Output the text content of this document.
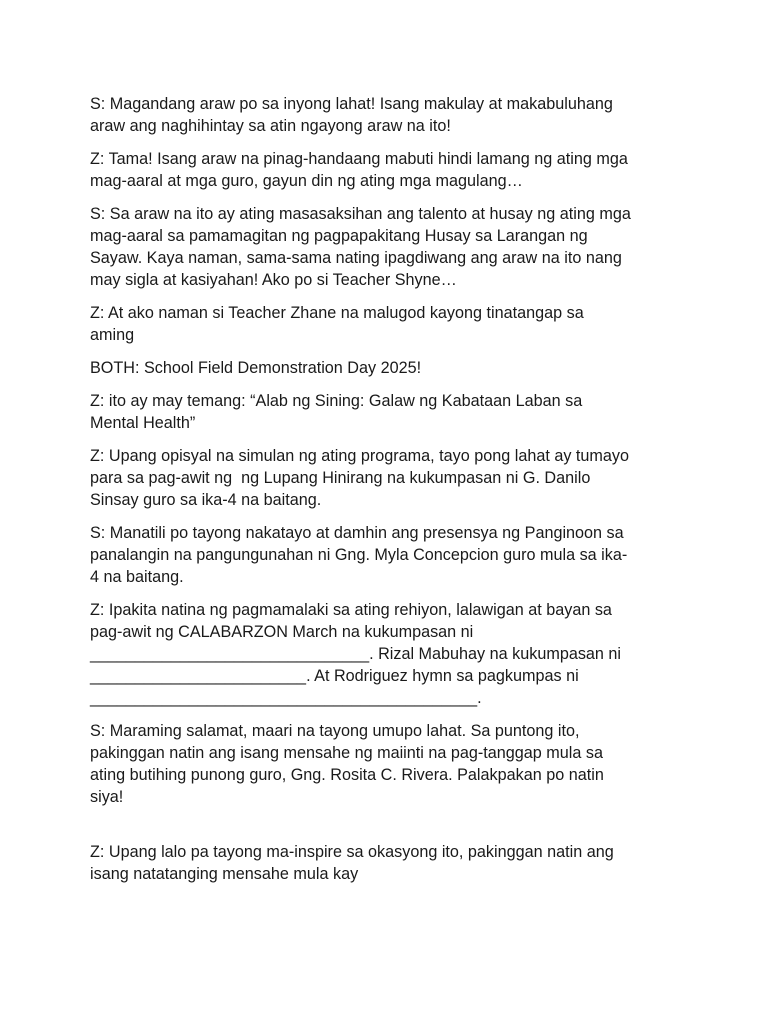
S: Magandang araw po sa inyong lahat! Isang makulay at makabuluhang
araw ang naghihintay sa atin ngayong araw na ito!

Z: Tama! Isang araw na pinag-handaang mabuti hindi lamang ng ating mga
mag-aaral at mga guro, gayun din ng ating mga magulang…

S: Sa araw na ito ay ating masasaksihan ang talento at husay ng ating mga
mag-aaral sa pamamagitan ng pagpapakitang Husay sa Larangan ng
Sayaw. Kaya naman, sama-sama nating ipagdiwang ang araw na ito nang
may sigla at kasiyahan! Ako po si Teacher Shyne…

Z: At ako naman si Teacher Zhane na malugod kayong tinatangap sa
aming

BOTH: School Field Demonstration Day 2025!

Z: ito ay may temang: “Alab ng Sining: Galaw ng Kabataan Laban sa
Mental Health”

Z: Upang opisyal na simulan ng ating programa, tayo pong lahat ay tumayo
para sa pag-awit ng  ng Lupang Hinirang na kukumpasan ni G. Danilo
Sinsay guro sa ika-4 na baitang.

S: Manatili po tayong nakatayo at damhin ang presensya ng Panginoon sa
panalangin na pangungunahan ni Gng. Myla Concepcion guro mula sa ika-
4 na baitang.

Z: Ipakita natina ng pagmamalaki sa ating rehiyon, lalawigan at bayan sa
pag-awit ng CALABARZON March na kukumpasan ni
_______________________________. Rizal Mabuhay na kukumpasan ni
________________________. At Rodriguez hymn sa pagkumpas ni
___________________________________________.

S: Maraming salamat, maari na tayong umupo lahat. Sa puntong ito,
pakinggan natin ang isang mensahe ng maiinti na pag-tanggap mula sa
ating butihing punong guro, Gng. Rosita C. Rivera. Palakpakan po natin
siya!

Z: Upang lalo pa tayong ma-inspire sa okasyong ito, pakinggan natin ang
isang natatanging mensahe mula kay
